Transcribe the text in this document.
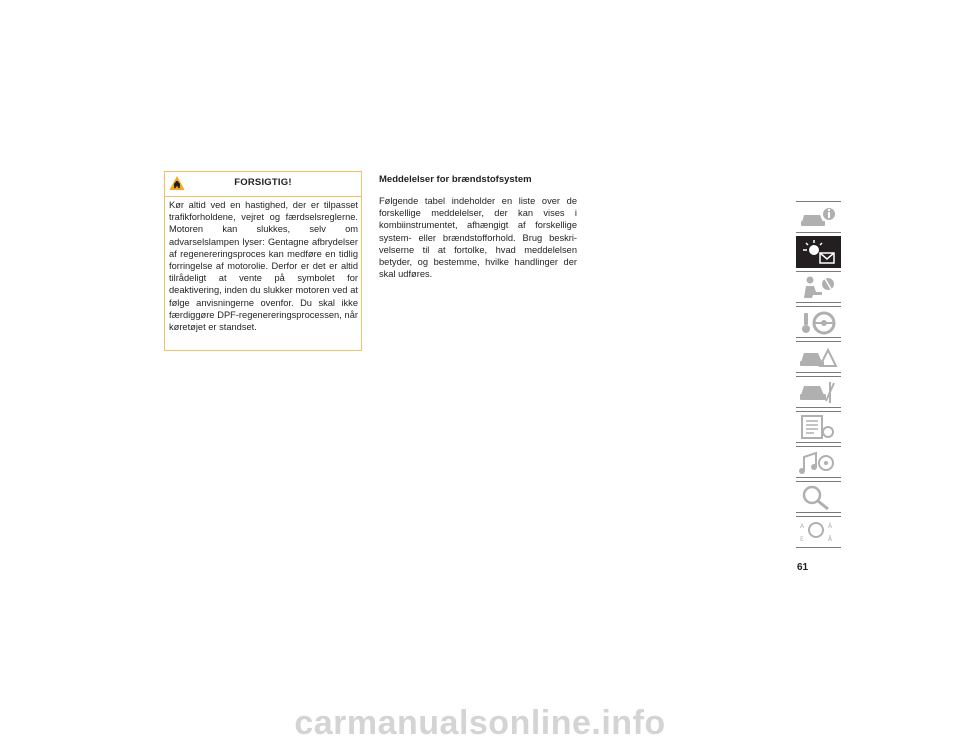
FORSIGTIG!
Kør altid ved en hastighed, der er tilpasset trafikforholdene, vejret og færdselsreglerne. Motoren kan slukkes, selv om advarselslampen lyser: Gentagne afbrydelser af regenereringsproces kan medføre en tidlig forringelse af motorolie. Derfor er det er altid tilrådeligt at vente på symbolet for deaktivering, inden du slukker motoren ved at følge anvisningerne ovenfor. Du skal ikke færdiggøre DPF-regenereringsprocessen, når køretøjet er standset.
Meddelelser for brændstofsystem
Følgende tabel indeholder en liste over de forskellige meddelelser, der kan vises i kombiinstrumentet, afhængigt af forskellige system- eller brændstofforhold. Brug beskri-velserne til at fortolke, hvad meddelelsen betyder, og bestemme, hvilke handlinger der skal udføres.
61
A	Ä
E	Å
carmanualsonline.info
